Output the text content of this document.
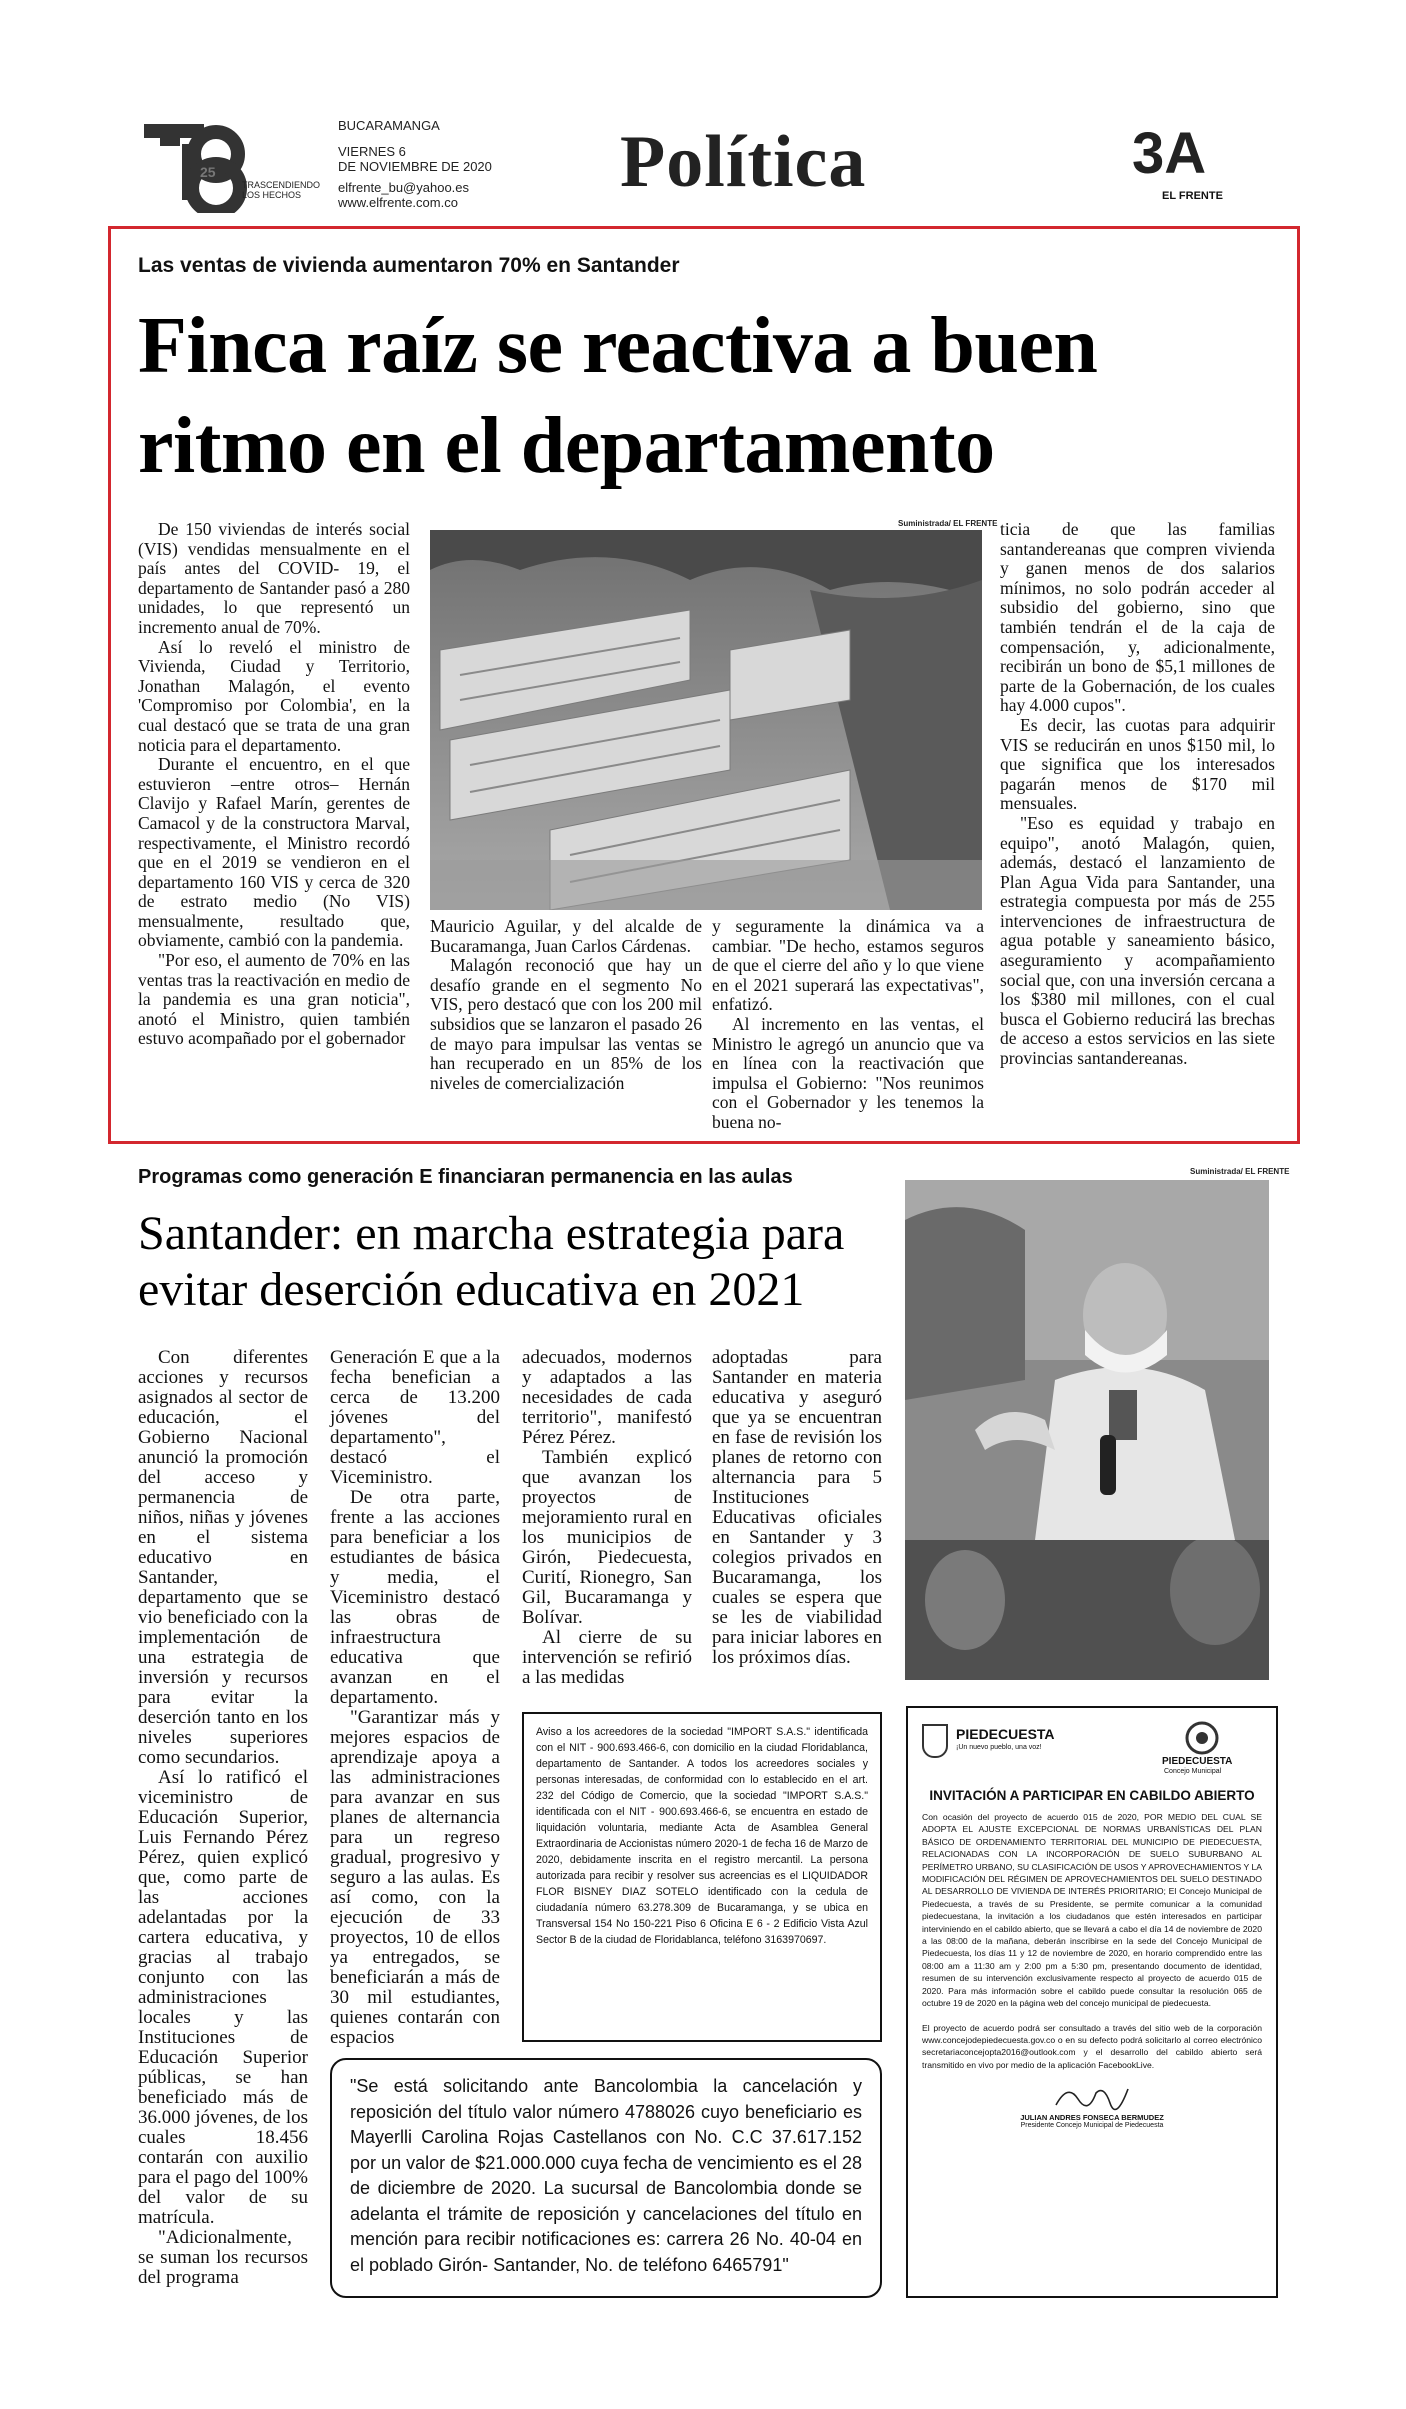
25
TRASCENDIENDO
LOS HECHOS
BUCARAMANGA
VIERNES 6
DE NOVIEMBRE DE 2020
elfrente_bu@yahoo.es
www.elfrente.com.co	Política	3A
EL FRENTE
Las ventas de vivienda aumentaron 70% en Santander
Finca raíz se reactiva a buen
ritmo en el departamento

De 150 viviendas de interés social (VIS) vendidas mensualmente en el país antes del COVID- 19, el departamento de Santander pasó a 280 unidades, lo que representó un incremento anual de 70%.

Así lo reveló el ministro de Vivienda, Ciudad y Territorio, Jonathan Malagón, el evento 'Compromiso por Colombia', en la cual destacó que se trata de una gran noticia para el departamento.

Durante el encuentro, en el que estuvieron –entre otros– Hernán Clavijo y Rafael Marín, gerentes de Camacol y de la constructora Marval, respectivamente, el Ministro recordó que en el 2019 se vendieron en el departamento 160 VIS y cerca de 320 de estrato medio (No VIS) mensualmente, resultado que, obviamente, cambió con la pandemia.

"Por eso, el aumento de 70% en las ventas tras la reactivación en medio de la pandemia es una gran noticia", anotó el Ministro, quien también estuvo acompañado por el gobernador

Suministrada/ EL FRENTE

Mauricio Aguilar, y del alcalde de Bucaramanga, Juan Carlos Cárdenas.

Malagón reconoció que hay un desafío grande en el segmento No VIS, pero destacó que con los 200 mil subsidios que se lanzaron el pasado 26 de mayo para impulsar las ventas se han recuperado en un 85% de los niveles de comercialización

y seguramente la dinámica va a cambiar. "De hecho, estamos seguros de que el cierre del año y lo que viene en el 2021 superará las expectativas", enfatizó.

Al incremento en las ventas, el Ministro le agregó un anuncio que va en línea con la reactivación que impulsa el Gobierno: "Nos reunimos con el Gobernador y les tenemos la buena no-

ticia de que las familias santandereanas que compren vivienda y ganen menos de dos salarios mínimos, no solo podrán acceder al subsidio del gobierno, sino que también tendrán el de la caja de compensación, y, adicionalmente, recibirán un bono de $5,1 millones de parte de la Gobernación, de los cuales hay 4.000 cupos".

Es decir, las cuotas para adquirir VIS se reducirán en unos $150 mil, lo que significa que los interesados pagarán menos de $170 mil mensuales.

"Eso es equidad y trabajo en equipo", anotó Malagón, quien, además, destacó el lanzamiento de Plan Agua Vida para Santander, una estrategia compuesta por más de 255 intervenciones de infraestructura de agua potable y saneamiento básico, aseguramiento y acompañamiento social que, con una inversión cercana a los $380 mil millones, con el cual busca el Gobierno reducirá las brechas de acceso a estos servicios en las siete provincias santandereanas.

Programas como generación E financiaran permanencia en las aulas
Santander: en marcha estrategia para
evitar deserción educativa en 2021
Suministrada/ EL FRENTE

Con diferentes acciones y recursos asignados al sector de educación, el Gobierno Nacional anunció la promoción del acceso y permanencia de niños, niñas y jóvenes en el sistema educativo en Santander, departamento que se vio beneficiado con la implementación de una estrategia de inversión y recursos para evitar la deserción tanto en los niveles superiores como secundarios.

Así lo ratificó el viceministro de Educación Superior, Luis Fernando Pérez Pérez, quien explicó que, como parte de las acciones adelantadas por la cartera educativa, y gracias al trabajo conjunto con las administraciones locales y las Instituciones de Educación Superior públicas, se han beneficiado más de 36.000 jóvenes, de los cuales 18.456 contarán con auxilio para el pago del 100% del valor de su matrícula.

"Adicionalmente, se suman los recursos del programa

Generación E que a la fecha benefician a cerca de 13.200 jóvenes del departamento", destacó el Viceministro.

De otra parte, frente a las acciones para beneficiar a los estudiantes de básica y media, el Viceministro destacó las obras de infraestructura educativa que avanzan en el departamento.

"Garantizar más y mejores espacios de aprendizaje apoya a las administraciones para avanzar en sus planes de alternancia para un regreso gradual, progresivo y seguro a las aulas. Es así como, con la ejecución de 33 proyectos, 10 de ellos ya entregados, se beneficiarán a más de 30 mil estudiantes, quienes contarán con espacios

adecuados, modernos y adaptados a las necesidades de cada territorio", manifestó Pérez Pérez.

También explicó que avanzan los proyectos de mejoramiento rural en los municipios de Girón, Piedecuesta, Curití, Rionegro, San Gil, Bucaramanga y Bolívar.

Al cierre de su intervención se refirió a las medidas

adoptadas para Santander en materia educativa y aseguró que ya se encuentran en fase de revisión los planes de retorno con alternancia para 5 Instituciones Educativas oficiales en Santander y 3 colegios privados en Bucaramanga, los cuales se espera que se les de viabilidad para iniciar labores en los próximos días.

Aviso a los acreedores de la sociedad "IMPORT S.A.S." identificada con el NIT - 900.693.466-6, con domicilio en la ciudad Floridablanca, departamento de Santander. A todos los acreedores sociales y personas interesadas, de conformidad con lo establecido en el art. 232 del Código de Comercio, que la sociedad "IMPORT S.A.S." identificada con el NIT - 900.693.466-6, se encuentra en estado de liquidación voluntaria, mediante Acta de Asamblea General Extraordinaria de Accionistas número 2020-1 de fecha 16 de Marzo de 2020, debidamente inscrita en el registro mercantil. La persona autorizada para recibir y resolver sus acreencias es el LIQUIDADOR FLOR BISNEY DIAZ SOTELO identificado con la cedula de ciudadanía número 63.278.309 de Bucaramanga, y se ubica en Transversal 154 No 150-221 Piso 6 Oficina E 6 - 2 Edificio Vista Azul Sector B de la ciudad de Floridablanca, teléfono 3163970697.
"Se está solicitando ante Bancolombia la cancelación y reposición del título valor número 4788026 cuyo beneficiario es Mayerlli Carolina Rojas Castellanos con No. C.C 37.617.152 por un valor de $21.000.000 cuya fecha de vencimiento es el 28 de diciembre de 2020. La sucursal de Bancolombia donde se adelanta el trámite de reposición y cancelaciones del título en mención para recibir notificaciones es: carrera 26 No. 40-04 en el poblado Girón- Santander, No. de teléfono 6465791"
PIEDECUESTA
¡Un nuevo pueblo, una voz!
PIEDECUESTA
Concejo Municipal
INVITACIÓN A PARTICIPAR EN CABILDO ABIERTO
Con ocasión del proyecto de acuerdo 015 de 2020, POR MEDIO DEL CUAL SE ADOPTA EL AJUSTE EXCEPCIONAL DE NORMAS URBANÍSTICAS DEL PLAN BÁSICO DE ORDENAMIENTO TERRITORIAL DEL MUNICIPIO DE PIEDECUESTA, RELACIONADAS CON LA INCORPORACIÓN DE SUELO SUBURBANO AL PERÍMETRO URBANO, SU CLASIFICACIÓN DE USOS Y APROVECHAMIENTOS Y LA MODIFICACIÓN DEL RÉGIMEN DE APROVECHAMIENTOS DEL SUELO DESTINADO AL DESARROLLO DE VIVIENDA DE INTERÉS PRIORITARIO; El Concejo Municipal de Piedecuesta, a través de su Presidente, se permite comunicar a la comunidad piedecuestana, la invitación a los ciudadanos que estén interesados en participar interviniendo en el cabildo abierto, que se llevará a cabo el día 14 de noviembre de 2020 a las 08:00 de la mañana, deberán inscribirse en la sede del Concejo Municipal de Piedecuesta, los días 11 y 12 de noviembre de 2020, en horario comprendido entre las 08:00 am a 11:30 am y 2:00 pm a 5:30 pm, presentando documento de identidad, resumen de su intervención exclusivamente respecto al proyecto de acuerdo 015 de 2020. Para más información sobre el cabildo puede consultar la resolución 065 de octubre 19 de 2020 en la página web del concejo municipal de piedecuesta.
El proyecto de acuerdo podrá ser consultado a través del sitio web de la corporación www.concejodepiedecuesta.gov.co o en su defecto podrá solicitarlo al correo electrónico secretariaconcejopta2016@outlook.com y el desarrollo del cabildo abierto será transmitido en vivo por medio de la aplicación FacebookLive.
JULIAN ANDRES FONSECA BERMUDEZ
Presidente Concejo Municipal de Piedecuesta
